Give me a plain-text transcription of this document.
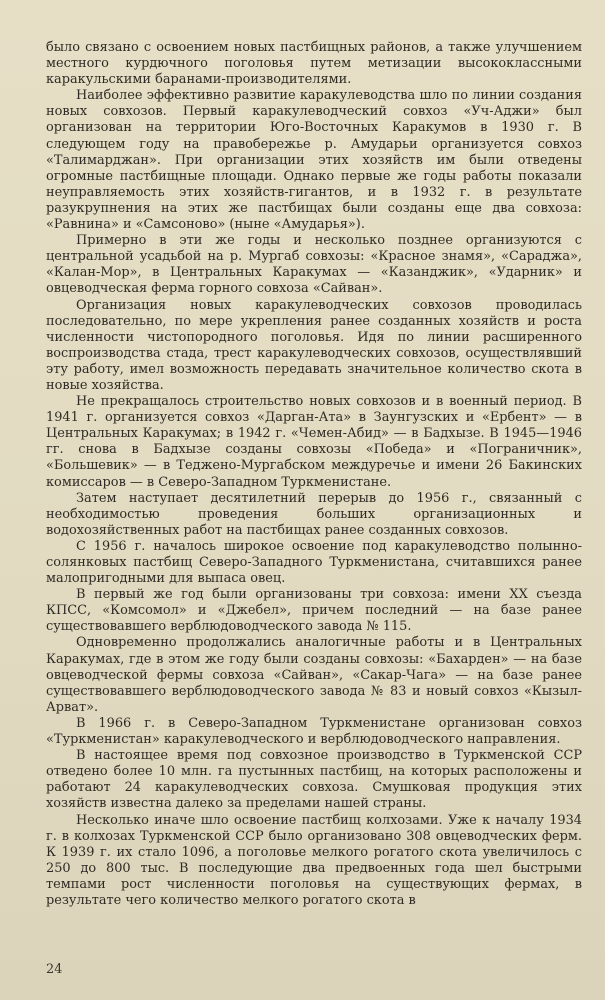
было связано с освоением новых пастбищных районов, а также улучшением местного курдючного поголовья путем метизации высококлассными каракульскими баранами-производителями.

Наиболее эффективно развитие каракулеводства шло по линии создания новых совхозов. Первый каракулеводческий совхоз «Уч-Аджи» был организован на территории Юго-Восточных Каракумов в 1930 г. В следующем году на правобережье р. Амударьи организуется совхоз «Талимарджан». При организации этих хозяйств им были отведены огромные пастбищные площади. Однако первые же годы работы показали неуправляемость этих хозяйств-гигантов, и в 1932 г. в результате разукрупнения на этих же пастбищах были созданы еще два совхоза: «Равнина» и «Самсоново» (ныне «Амударья»).

Примерно в эти же годы и несколько позднее организуются с центральной усадьбой на р. Мургаб совхозы: «Красное знамя», «Сараджа», «Калан-Мор», в Центральных Каракумах — «Казанджик», «Ударник» и овцеводческая ферма горного совхоза «Сайван».

Организация новых каракулеводческих совхозов проводилась последовательно, по мере укрепления ранее созданных хозяйств и роста численности чистопородного поголовья. Идя по линии расширенного воспроизводства стада, трест каракулеводческих совхозов, осуществлявший эту работу, имел возможность передавать значительное количество скота в новые хозяйства.

Не прекращалось строительство новых совхозов и в военный период. В 1941 г. организуется совхоз «Дарган-Ата» в Заунгузских и «Ербент» — в Центральных Каракумах; в 1942 г. «Чемен-Абид» — в Бадхызе. В 1945—1946 гг. снова в Бадхызе созданы совхозы «Победа» и «Пограничник», «Большевик» — в Теджено-Мургабском междуречье и имени 26 Бакинских комиссаров — в Северо-Западном Туркменистане.

Затем наступает десятилетний перерыв до 1956 г., связанный с необходимостью проведения больших организационных и водохозяйственных работ на пастбищах ранее созданных совхозов.

С 1956 г. началось широкое освоение под каракулеводство полынно-солянковых пастбищ Северо-Западного Туркменистана, считавшихся ранее малопригодными для выпаса овец.

В первый же год были организованы три совхоза: имени XX съезда КПСС, «Комсомол» и «Джебел», причем последний — на базе ранее существовавшего верблюдоводческого завода № 115.

Одновременно продолжались аналогичные работы и в Центральных Каракумах, где в этом же году были созданы совхозы: «Бахарден» — на базе овцеводческой фермы совхоза «Сайван», «Сакар-Чага» — на базе ранее существовавшего верблюдоводческого завода № 83 и новый совхоз «Кызыл-Арват».

В 1966 г. в Северо-Западном Туркменистане организован совхоз «Туркменистан» каракулеводческого и верблюдоводческого направления.

В настоящее время под совхозное производство в Туркменской ССР отведено более 10 млн. га пустынных пастбищ, на которых расположены и работают 24 каракулеводческих совхоза. Смушковая продукция этих хозяйств известна далеко за пределами нашей страны.

Несколько иначе шло освоение пастбищ колхозами. Уже к началу 1934 г. в колхозах Туркменской ССР было организовано 308 овцеводческих ферм. К 1939 г. их стало 1096, а поголовье мелкого рогатого скота увеличилось с 250 до 800 тыс. В последующие два предвоенных года шел быстрыми темпами рост численности поголовья на существующих фермах, в результате чего количество мелкого рогатого скота в

24
